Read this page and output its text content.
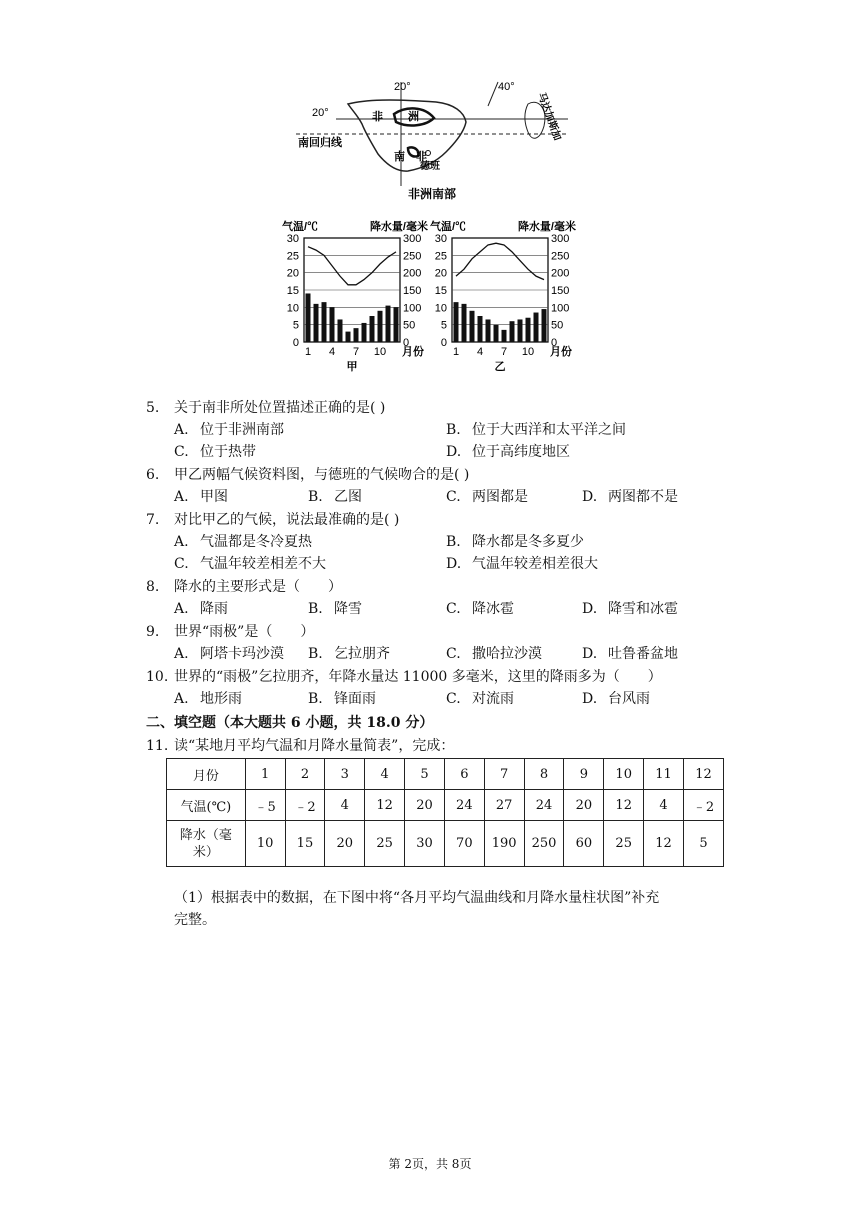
20°
20°	40°
非 洲
南回归线
南 非
德班
马达加斯加
非洲南部
30
25
20
15
10
5
0
300
250
200
150
100
50
0
气温/℃	降水量/毫米
1 4 7 10 月份
甲
30
25
20
15
10
5
0
300
250
200
150
100
50
0
气温/℃	降水量/毫米
1 4 7 10 月份
乙
5. 关于南非所处位置描述正确的是( )
A. 位于非洲南部	B. 位于大西洋和太平洋之间
C. 位于热带	D. 位于高纬度地区
6. 甲乙两幅气候资料图，与德班的气候吻合的是( )
A. 甲图	B. 乙图	C. 两图都是	D. 两图都不是
7. 对比甲乙的气候，说法最准确的是( )
A. 气温都是冬冷夏热	B. 降水都是冬多夏少
C. 气温年较差相差不大	D. 气温年较差相差很大
8. 降水的主要形式是（　　）
A. 降雨	B. 降雪	C. 降冰雹	D. 降雪和冰雹
9. 世界“雨极”是（　　）
A. 阿塔卡玛沙漠 B. 乞拉朋齐	C. 撒哈拉沙漠	D. 吐鲁番盆地
10. 世界的“雨极”乞拉朋齐，年降水量达 11000 多毫米，这里的降雨多为（　　）
A. 地形雨	B. 锋面雨	C. 对流雨	D. 台风雨
二、填空题（本大题共 6 小题，共 18.0 分）
11. 读“某地月平均气温和月降水量简表”，完成：
月份	1	2	3	4	5	6	7	8	9	10	11	12
气温(℃)	﹣5	﹣2	4	12	20	24	27	24	20	12	4	﹣2

降水（毫
米）	10	15	20	25	30	70	190	250	60	25	12	5
（1）根据表中的数据，在下图中将“各月平均气温曲线和月降水量柱状图”补充
完整。
第 2页，共 8页
